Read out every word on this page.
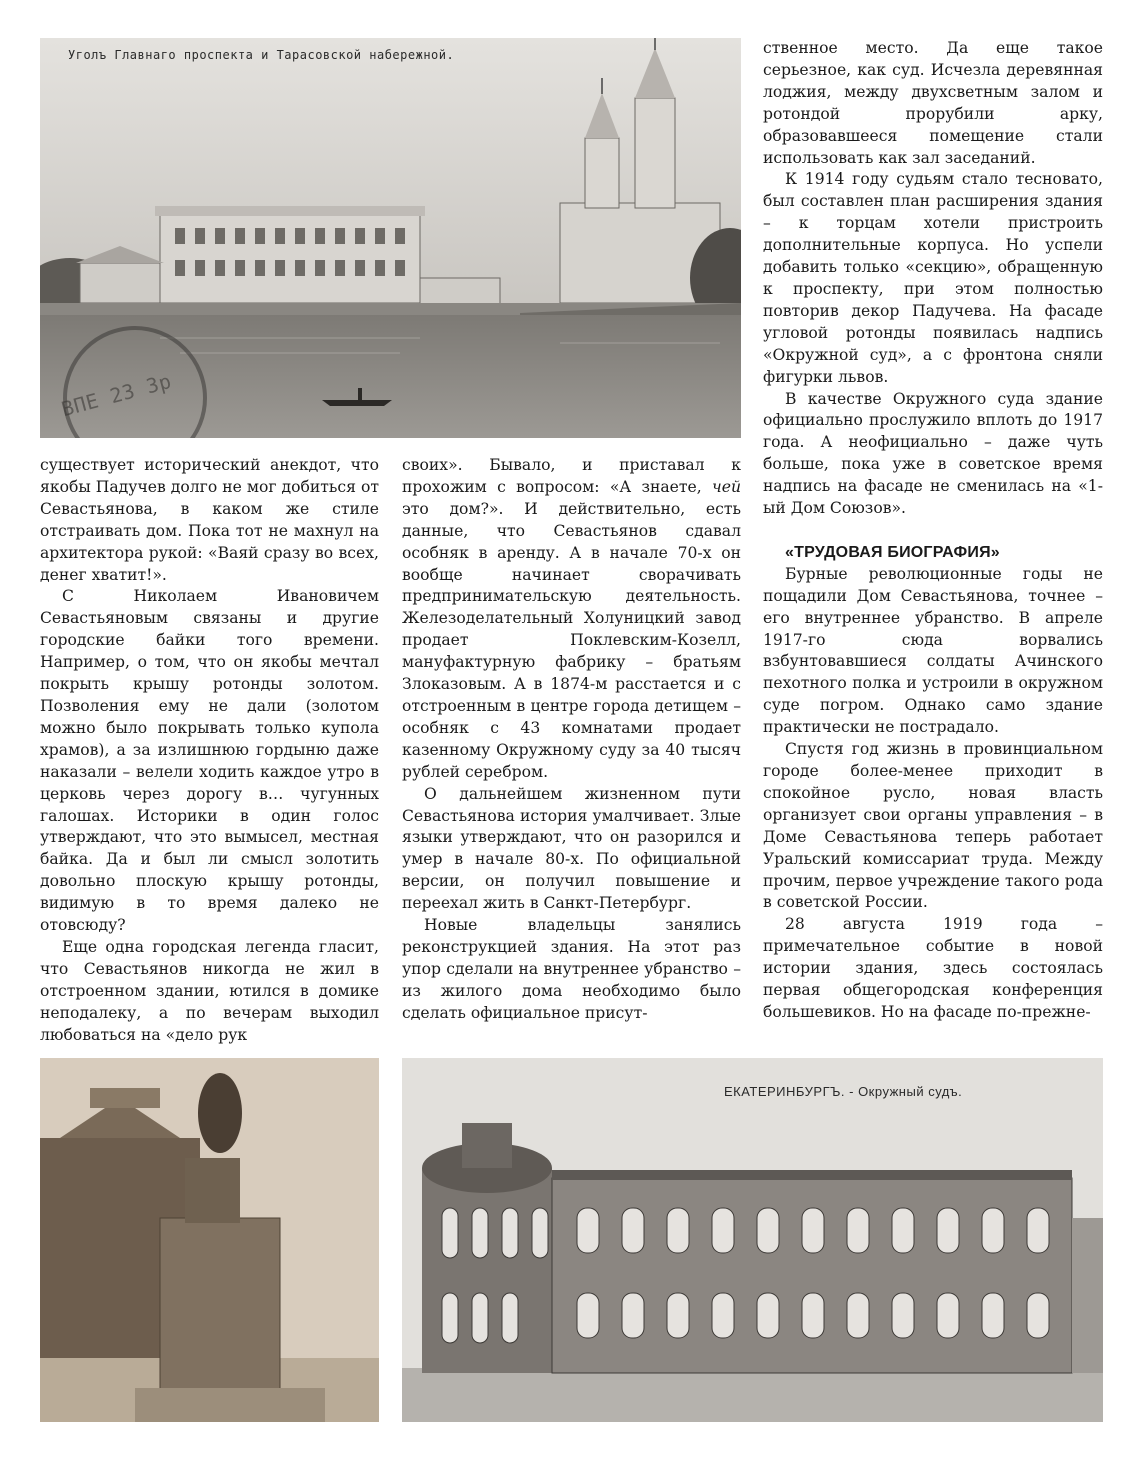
Уголъ Главнаго проспекта и Тарасовской набережной.
ВПЕ 23 3р

ственное место. Да еще такое серьезное, как суд. Исчезла деревянная лоджия, между двухсветным залом и ротондой прорубили арку, образовавшееся помещение стали использовать как зал заседаний.

К 1914 году судьям стало тесновато, был составлен план расширения здания – к торцам хотели пристроить дополнительные корпуса. Но успели добавить только «секцию», обращенную к проспекту, при этом полностью повторив декор Падучева. На фасаде угловой ротонды появилась надпись «Окружной суд», а с фронтона сняли фигурки львов.

В качестве Окружного суда здание официально прослужило вплоть до 1917 года. А неофициально – даже чуть больше, пока уже в советское время надпись на фасаде не сменилась на «1-ый Дом Союзов».

«ТРУДОВАЯ БИОГРАФИЯ»

Бурные революционные годы не пощадили Дом Севастьянова, точнее – его внутреннее убранство. В апреле 1917-го сюда ворвались взбунтовавшиеся солдаты Ачинского пехотного полка и устроили в окружном суде погром. Однако само здание практически не пострадало.

Спустя год жизнь в провинциальном городе более-менее приходит в спокойное русло, новая власть организует свои органы управления – в Доме Севастьянова теперь работает Уральский комиссариат труда. Между прочим, первое учреждение такого рода в советской России.

28 августа 1919 года – примечательное событие в новой истории здания, здесь состоялась первая общегородская конференция большевиков. Но на фасаде по-прежне-

существует исторический анекдот, что якобы Падучев долго не мог добиться от Севастьянова, в каком же стиле отстраивать дом. Пока тот не махнул на архитектора рукой: «Ваяй сразу во всех, денег хватит!».

С Николаем Ивановичем Севастьяновым связаны и другие городские байки того времени. Например, о том, что он якобы мечтал покрыть крышу ротонды золотом. Позволения ему не дали (золотом можно было покрывать только купола храмов), а за излишнюю гордыню даже наказали – велели ходить каждое утро в церковь через дорогу в… чугунных галошах. Историки в один голос утверждают, что это вымысел, местная байка. Да и был ли смысл золотить довольно плоскую крышу ротонды, видимую в то время далеко не отовсюду?

Еще одна городская легенда гласит, что Севастьянов никогда не жил в отстроенном здании, ютился в домике неподалеку, а по вечерам выходил любоваться на «дело рук

своих». Бывало, и приставал к прохожим с вопросом: «А знаете, чей это дом?». И действительно, есть данные, что Севастьянов сдавал особняк в аренду. А в начале 70-х он вообще начинает сворачивать предпринимательскую деятельность. Железоделательный Холуницкий завод продает Поклевским-Козелл, мануфактурную фабрику – братьям Злоказовым. А в 1874-м расстается и с отстроенным в центре города детищем – особняк с 43 комнатами продает казенному Окружному суду за 40 тысяч рублей серебром.

О дальнейшем жизненном пути Севастьянова история умалчивает. Злые языки утверждают, что он разорился и умер в начале 80-х. По официальной версии, он получил повышение и переехал жить в Санкт-Петербург.

Новые владельцы занялись реконструкцией здания. На этот раз упор сделали на внутреннее убранство – из жилого дома необходимо было сделать официальное присут-

ЕКАТЕРИНБУРГЪ. - Окружный судъ.
